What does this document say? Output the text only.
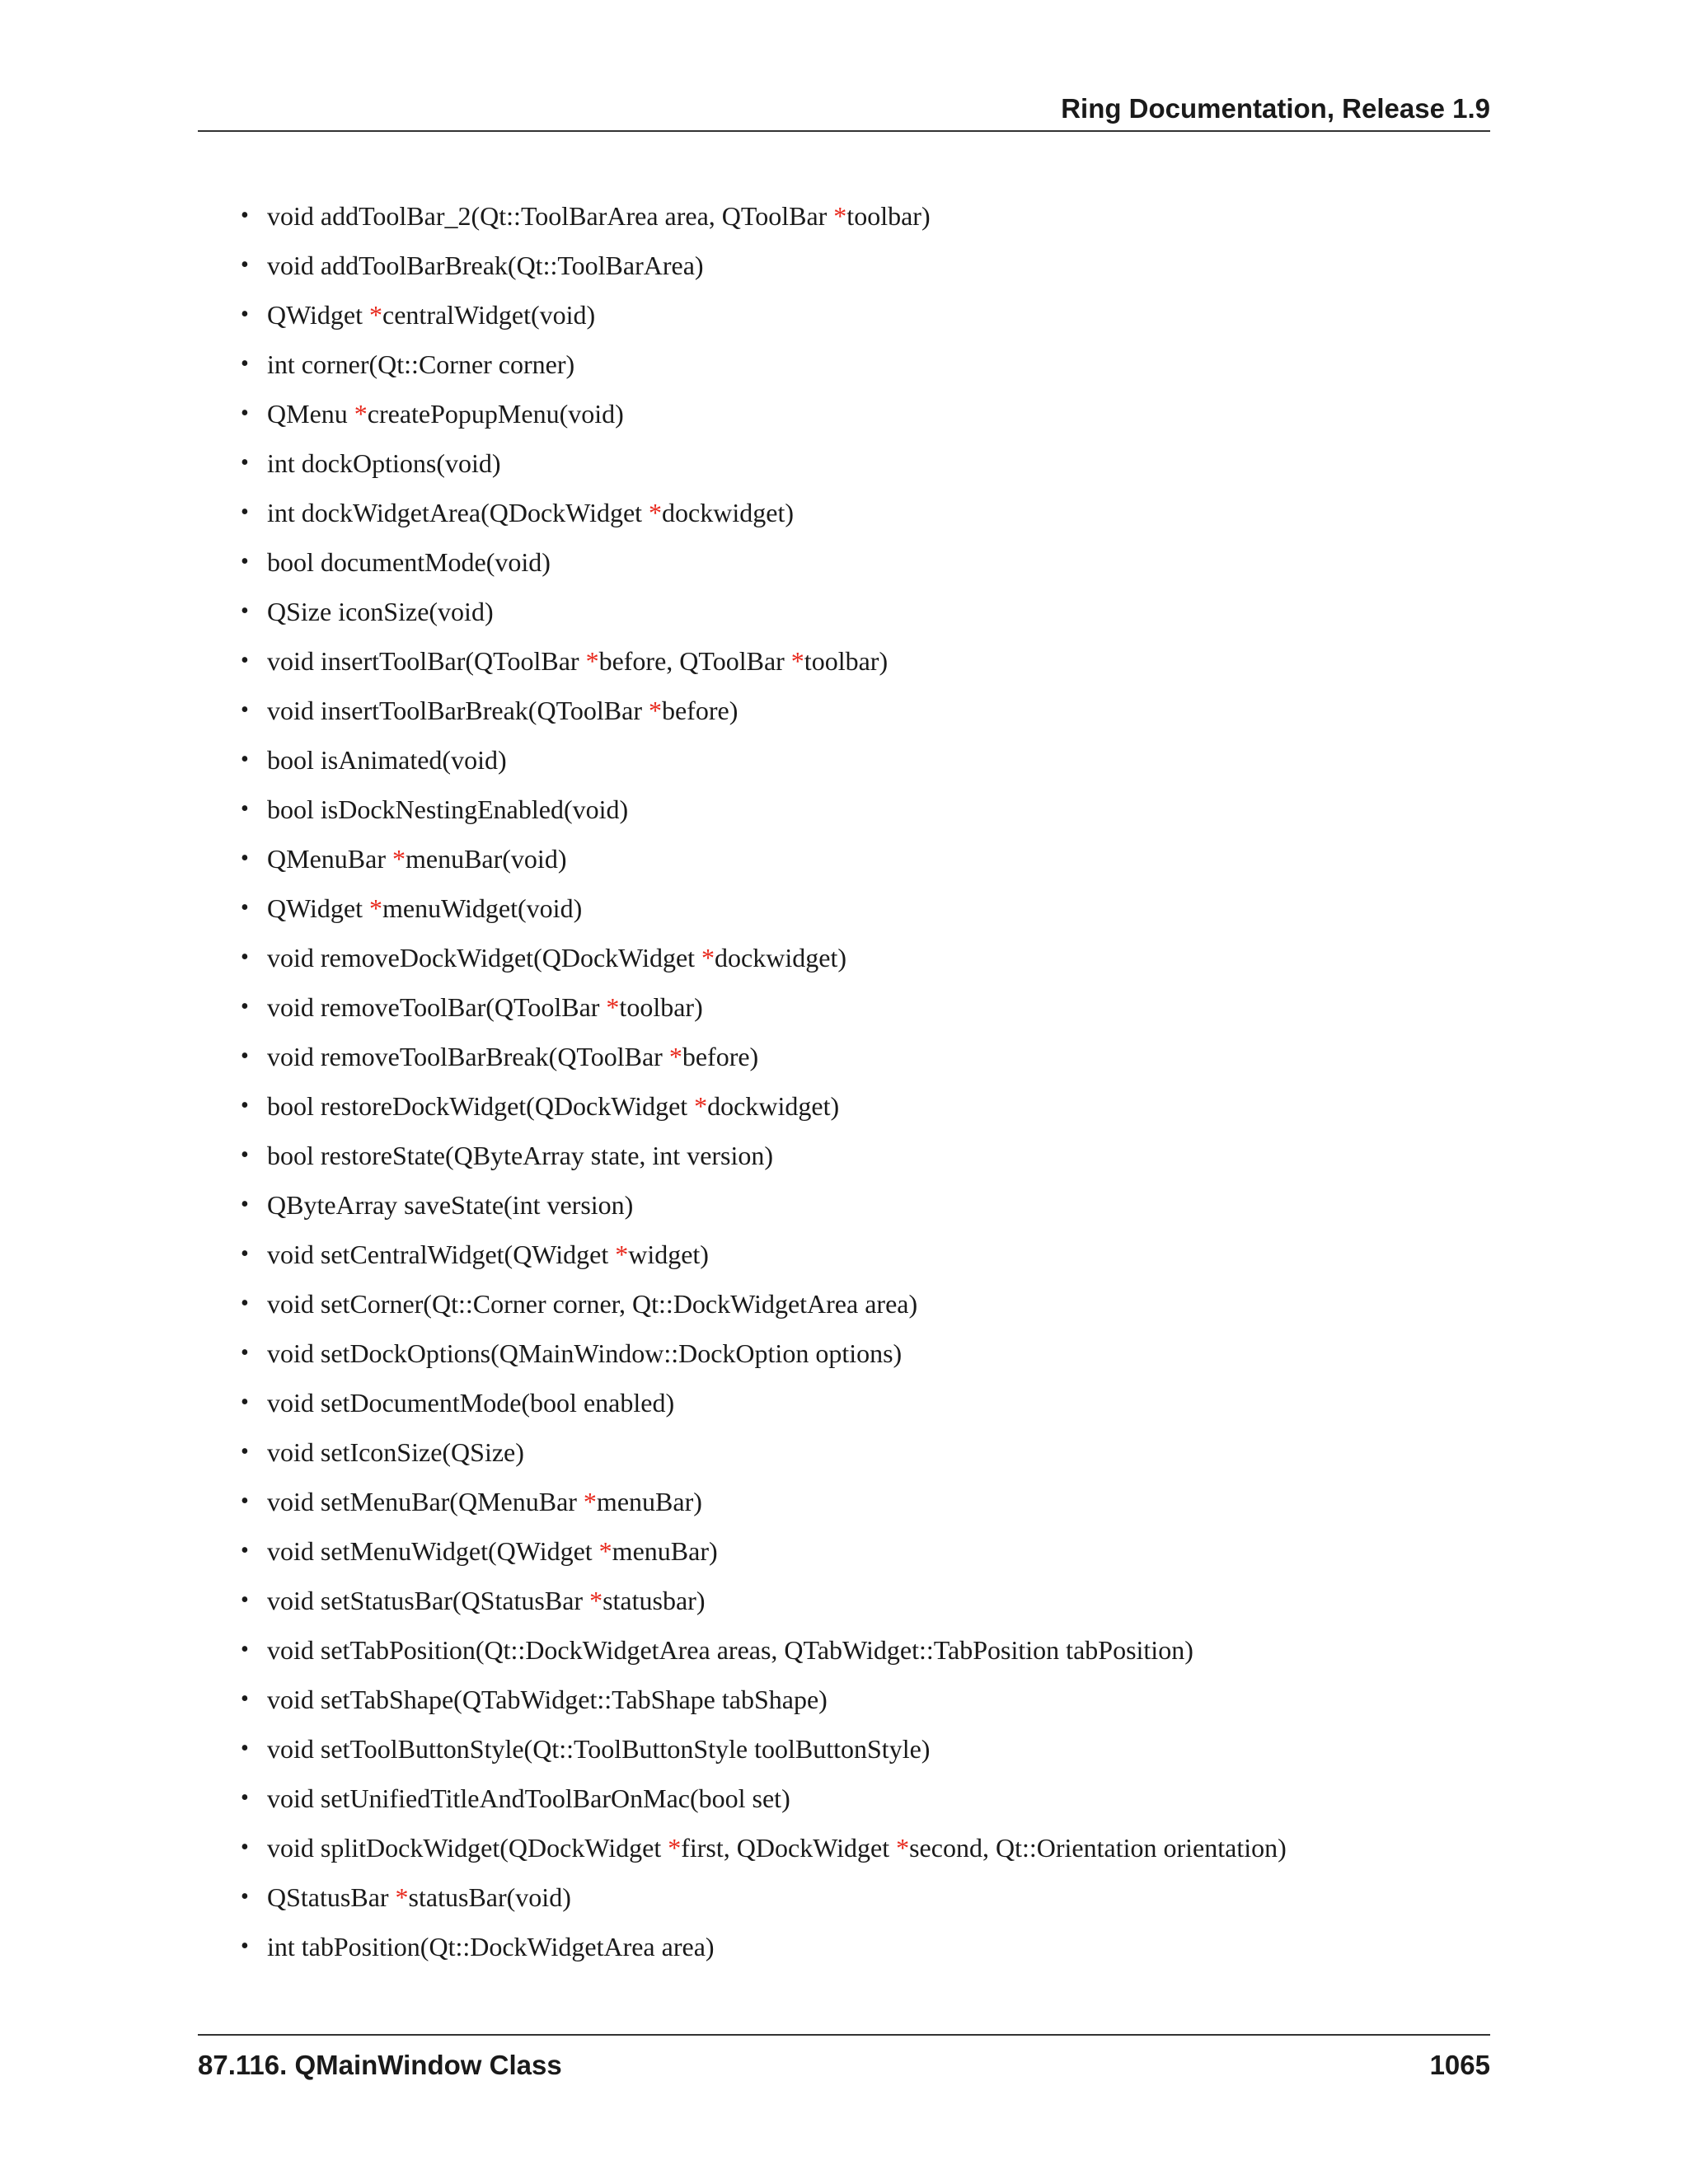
Ring Documentation, Release 1.9
• void addToolBar_2(Qt::ToolBarArea area, QToolBar *toolbar)
• void addToolBarBreak(Qt::ToolBarArea)
• QWidget *centralWidget(void)
• int corner(Qt::Corner corner)
• QMenu *createPopupMenu(void)
• int dockOptions(void)
• int dockWidgetArea(QDockWidget *dockwidget)
• bool documentMode(void)
• QSize iconSize(void)
• void insertToolBar(QToolBar *before, QToolBar *toolbar)
• void insertToolBarBreak(QToolBar *before)
• bool isAnimated(void)
• bool isDockNestingEnabled(void)
• QMenuBar *menuBar(void)
• QWidget *menuWidget(void)
• void removeDockWidget(QDockWidget *dockwidget)
• void removeToolBar(QToolBar *toolbar)
• void removeToolBarBreak(QToolBar *before)
• bool restoreDockWidget(QDockWidget *dockwidget)
• bool restoreState(QByteArray state, int version)
• QByteArray saveState(int version)
• void setCentralWidget(QWidget *widget)
• void setCorner(Qt::Corner corner, Qt::DockWidgetArea area)
• void setDockOptions(QMainWindow::DockOption options)
• void setDocumentMode(bool enabled)
• void setIconSize(QSize)
• void setMenuBar(QMenuBar *menuBar)
• void setMenuWidget(QWidget *menuBar)
• void setStatusBar(QStatusBar *statusbar)
• void setTabPosition(Qt::DockWidgetArea areas, QTabWidget::TabPosition tabPosition)
• void setTabShape(QTabWidget::TabShape tabShape)
• void setToolButtonStyle(Qt::ToolButtonStyle toolButtonStyle)
• void setUnifiedTitleAndToolBarOnMac(bool set)
• void splitDockWidget(QDockWidget *first, QDockWidget *second, Qt::Orientation orientation)
• QStatusBar *statusBar(void)
• int tabPosition(Qt::DockWidgetArea area)
87.116. QMainWindow Class	1065
